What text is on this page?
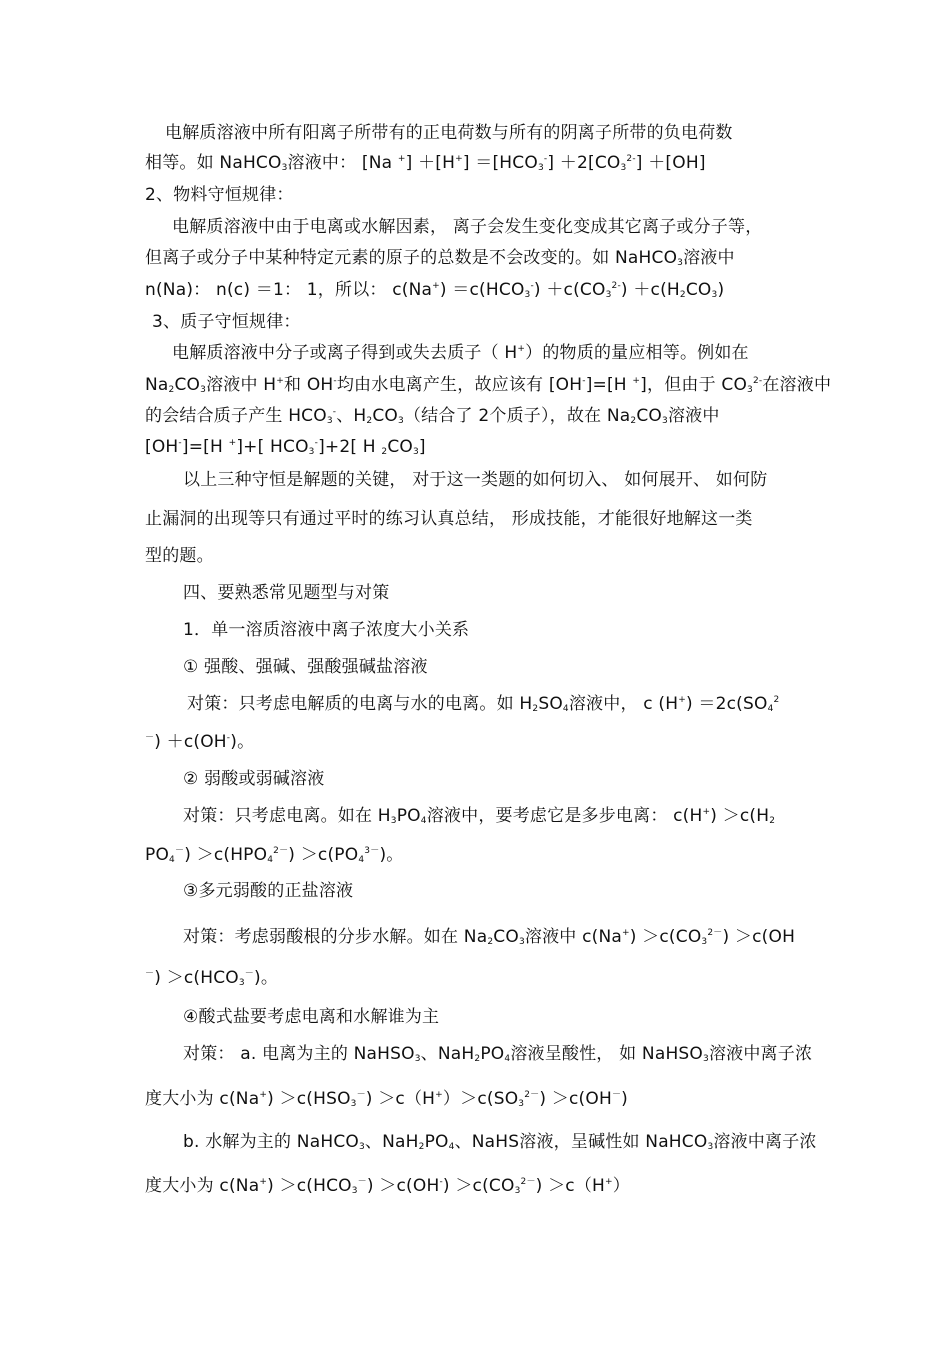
电解质溶液中所有阳离子所带有的正电荷数与所有的阴离子所带的负电荷数
相等。如 NaHCO$_3$溶液中： [Na $^+] +[H^+] =[HCO_3^-] +2[CO_3^{2-}] +[OH]$
2、物料守恒规律：
电解质溶液中由于电离或水解因素， 离子会发生变化变成其它离子或分子等，
但离子或分子中某种特定元素的原子的总数是不会改变的。如 NaHCO$_3$溶液中
n(Na)： n(c) ＝1： 1，所以： $c(Na^+) =c(HCO_3^-) +c(CO_3^{2-}) +c(H_2CO_3)$
3、质子守恒规律：
电解质溶液中分子或离子得到或失去质子（ H+）的物质的量应相等。例如在
$Na_2CO_3$溶液中 H+和 OH-均由水电离产生，故应该有 [OH-]=[H +]，但由于 $CO_3^{2-}$在溶液中
的会结合质子产生 $HCO_3^-$、$H_2CO_3$（结合了 2个质子），故在 $Na_2CO_3$溶液中
[OH-]=[H +]+[ $HCO_3^-]+2$[ H $_2CO_3$]
以上三种守恒是解题的关键， 对于这一类题的如何切入、 如何展开、 如何防
止漏洞的出现等只有通过平时的练习认真总结， 形成技能，才能很好地解这一类
型的题。
四、要熟悉常见题型与对策
1．单一溶质溶液中离子浓度大小关系
① 强酸、强碱、强酸强碱盐溶液
对策：只考虑电解质的电离与水的电离。如 $H_2SO_4$溶液中， c $(H^+) =2c(SO_4^2$
－) ＋c(OH-)。
② 弱酸或弱碱溶液
对策：只考虑电离。如在 $H_3PO_4$溶液中，要考虑它是多步电离： $c(H^+) >c(H_2$
$PO_4^-) >c(HPO_4^{2-}) >c(PO_4^{3-})$。
③多元弱酸的正盐溶液
对策：考虑弱酸根的分步水解。如在 $Na_2CO_3$溶液中 $c(Na^+) >c(CO_3^{2-}) >c(OH$
$^-) >c(HCO_3^-)$。
④酸式盐要考虑电离和水解谁为主
对策： a. 电离为主的 NaHSO$_3$、$NaH_2PO_4$溶液呈酸性， 如 NaHSO$_3$溶液中离子浓
度大小为 $c(Na^+) >c(HSO_3^-) >c(H^+)>c(SO_3^{2-}) >c(OH^-)$
b. 水解为主的 NaHCO$_3$、$NaH_2PO_4$、NaHS溶液，呈碱性如 NaHCO$_3$溶液中离子浓
度大小为 $c(Na^+) >c(HCO_3^-) >c(OH^-) >c(CO_3^{2-}) >c(H^+)$
